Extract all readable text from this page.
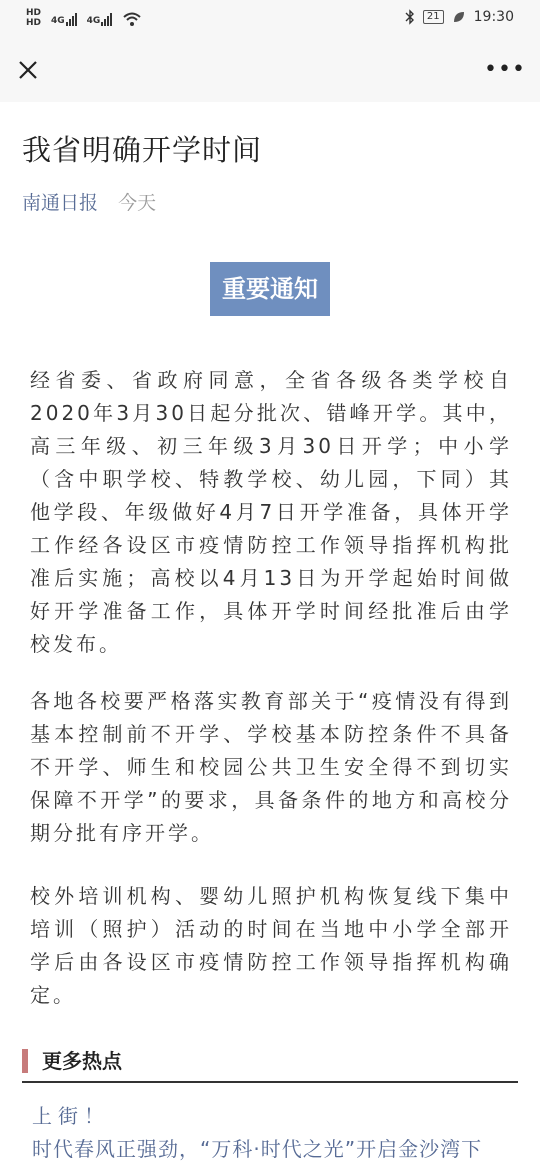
HD
HD 4G 4G	21 19:30
•••
我省明确开学时间
南通日报 今天
重要通知

经省委、省政府同意，全省各级各类学校自2020年3月30日起分批次、错峰开学。其中，高三年级、初三年级3月30日开学；中小学（含中职学校、特教学校、幼儿园，下同）其他学段、年级做好4月7日开学准备，具体开学工作经各设区市疫情防控工作领导指挥机构批准后实施；高校以4月13日为开学起始时间做好开学准备工作，具体开学时间经批准后由学校发布。

各地各校要严格落实教育部关于“疫情没有得到基本控制前不开学、学校基本防控条件不具备不开学、师生和校园公共卫生安全得不到切实保障不开学”的要求，具备条件的地方和高校分期分批有序开学。

校外培训机构、婴幼儿照护机构恢复线下集中培训（照护）活动的时间在当地中小学全部开学后由各设区市疫情防控工作领导指挥机构确定。

更多热点
上街！
时代春风正强劲，“万科·时代之光”开启金沙湾下
